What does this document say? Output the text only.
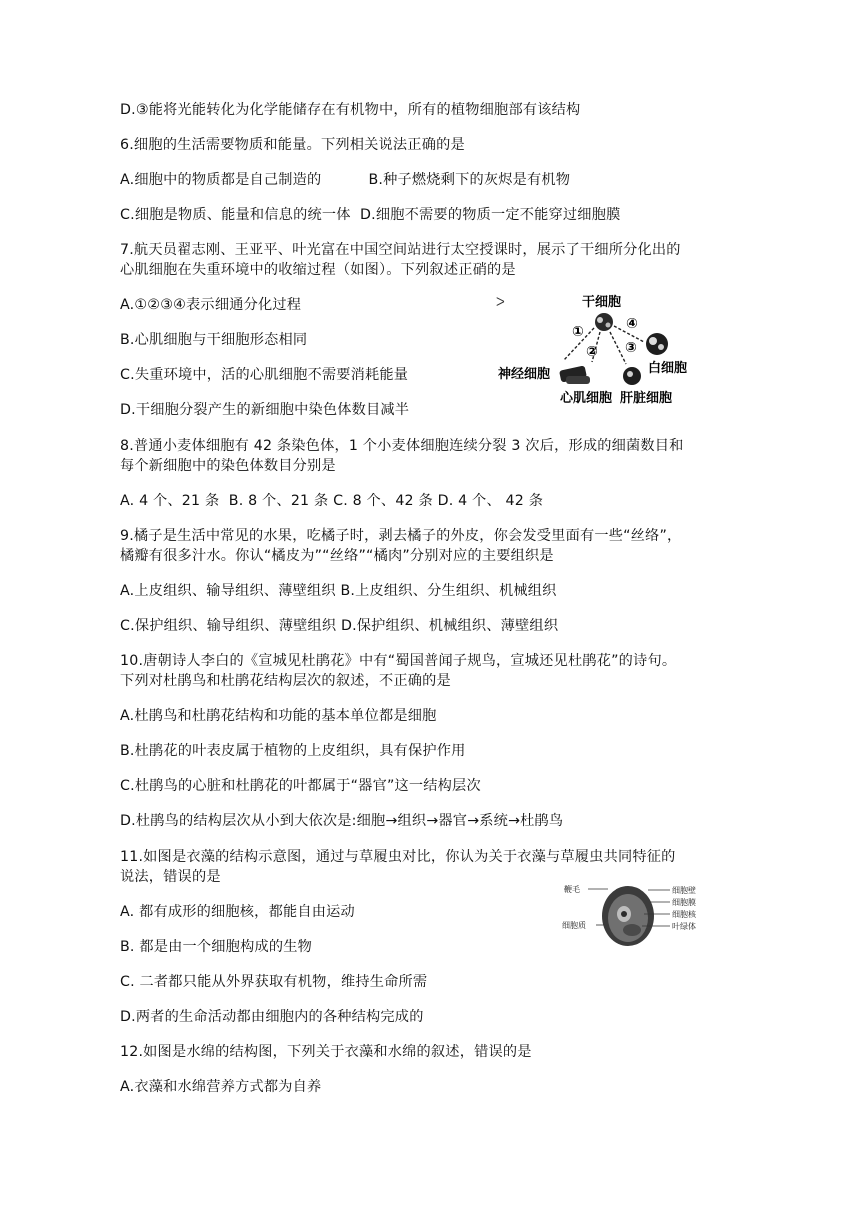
D.③能将光能转化为化学能储存在有机物中，所有的植物细胞部有该结构
6.细胞的生活需要物质和能量。下列相关说法正确的是
A.细胞中的物质都是自己制造的          B.种子燃烧剩下的灰烬是有机物
C.细胞是物质、能量和信息的统一体  D.细胞不需要的物质一定不能穿过细胞膜
7.航天员翟志刚、王亚平、叶光富在中国空间站进行太空授课时，展示了干细所分化出的
心肌细胞在失重环境中的收缩过程（如图）。下列叙述正硝的是
A.①②③④表示细通分化过程
B.心肌细胞与干细胞形态相同
C.失重环境中，活的心肌细胞不需要消耗能量
D.干细胞分裂产生的新细胞中染色体数目减半
8.普通小麦体细胞有 42 条染色体，1 个小麦体细胞连续分裂 3 次后，形成的细菌数目和
每个新细胞中的染色体数目分别是
A. 4 个、21 条  B. 8 个、21 条 C. 8 个、42 条 D. 4 个、 42 条
9.橘子是生活中常见的水果，吃橘子时，剥去橘子的外皮，你会发受里面有一些“丝络”，
橘瓣有很多汁水。你认“橘皮为”“丝络”“橘肉”分别对应的主要组织是
A.上皮组织、输导组织、薄壁组织 B.上皮组织、分生组织、机械组织
C.保护组织、输导组织、薄壁组织 D.保护组织、机械组织、薄壁组织
10.唐朝诗人李白的《宣城见杜鹃花》中有“蜀国普闻子规鸟，宣城还见杜鹃花”的诗句。
下列对杜鹃鸟和杜鹃花结构层次的叙述，不正确的是
A.杜鹃鸟和杜鹃花结构和功能的基本单位都是细胞
B.杜鹃花的叶表皮属于植物的上皮组织，具有保护作用
C.杜鹃鸟的心脏和杜鹃花的叶都属于“器官”这一结构层次
D.杜鹃鸟的结构层次从小到大依次是:细胞→组织→器官→系统→杜鹃鸟
11.如图是衣藻的结构示意图，通过与草履虫对比，你认为关于衣藻与草履虫共同特征的
说法，错误的是
A. 都有成形的细胞核，都能自由运动
B. 都是由一个细胞构成的生物
C. 二者都只能从外界获取有机物，维持生命所需
D.两者的生命活动都由细胞内的各种结构完成的
12.如图是水绵的结构图，下列关于衣藻和水绵的叙述，错误的是
A.衣藻和水绵营养方式都为自养
ᐳ	干细胞
①
② ③
④
白细胞
神经细胞
心肌细胞 肝脏细胞
鞭毛
细胞质
细胞壁
细胞膜
细胞核
叶绿体
